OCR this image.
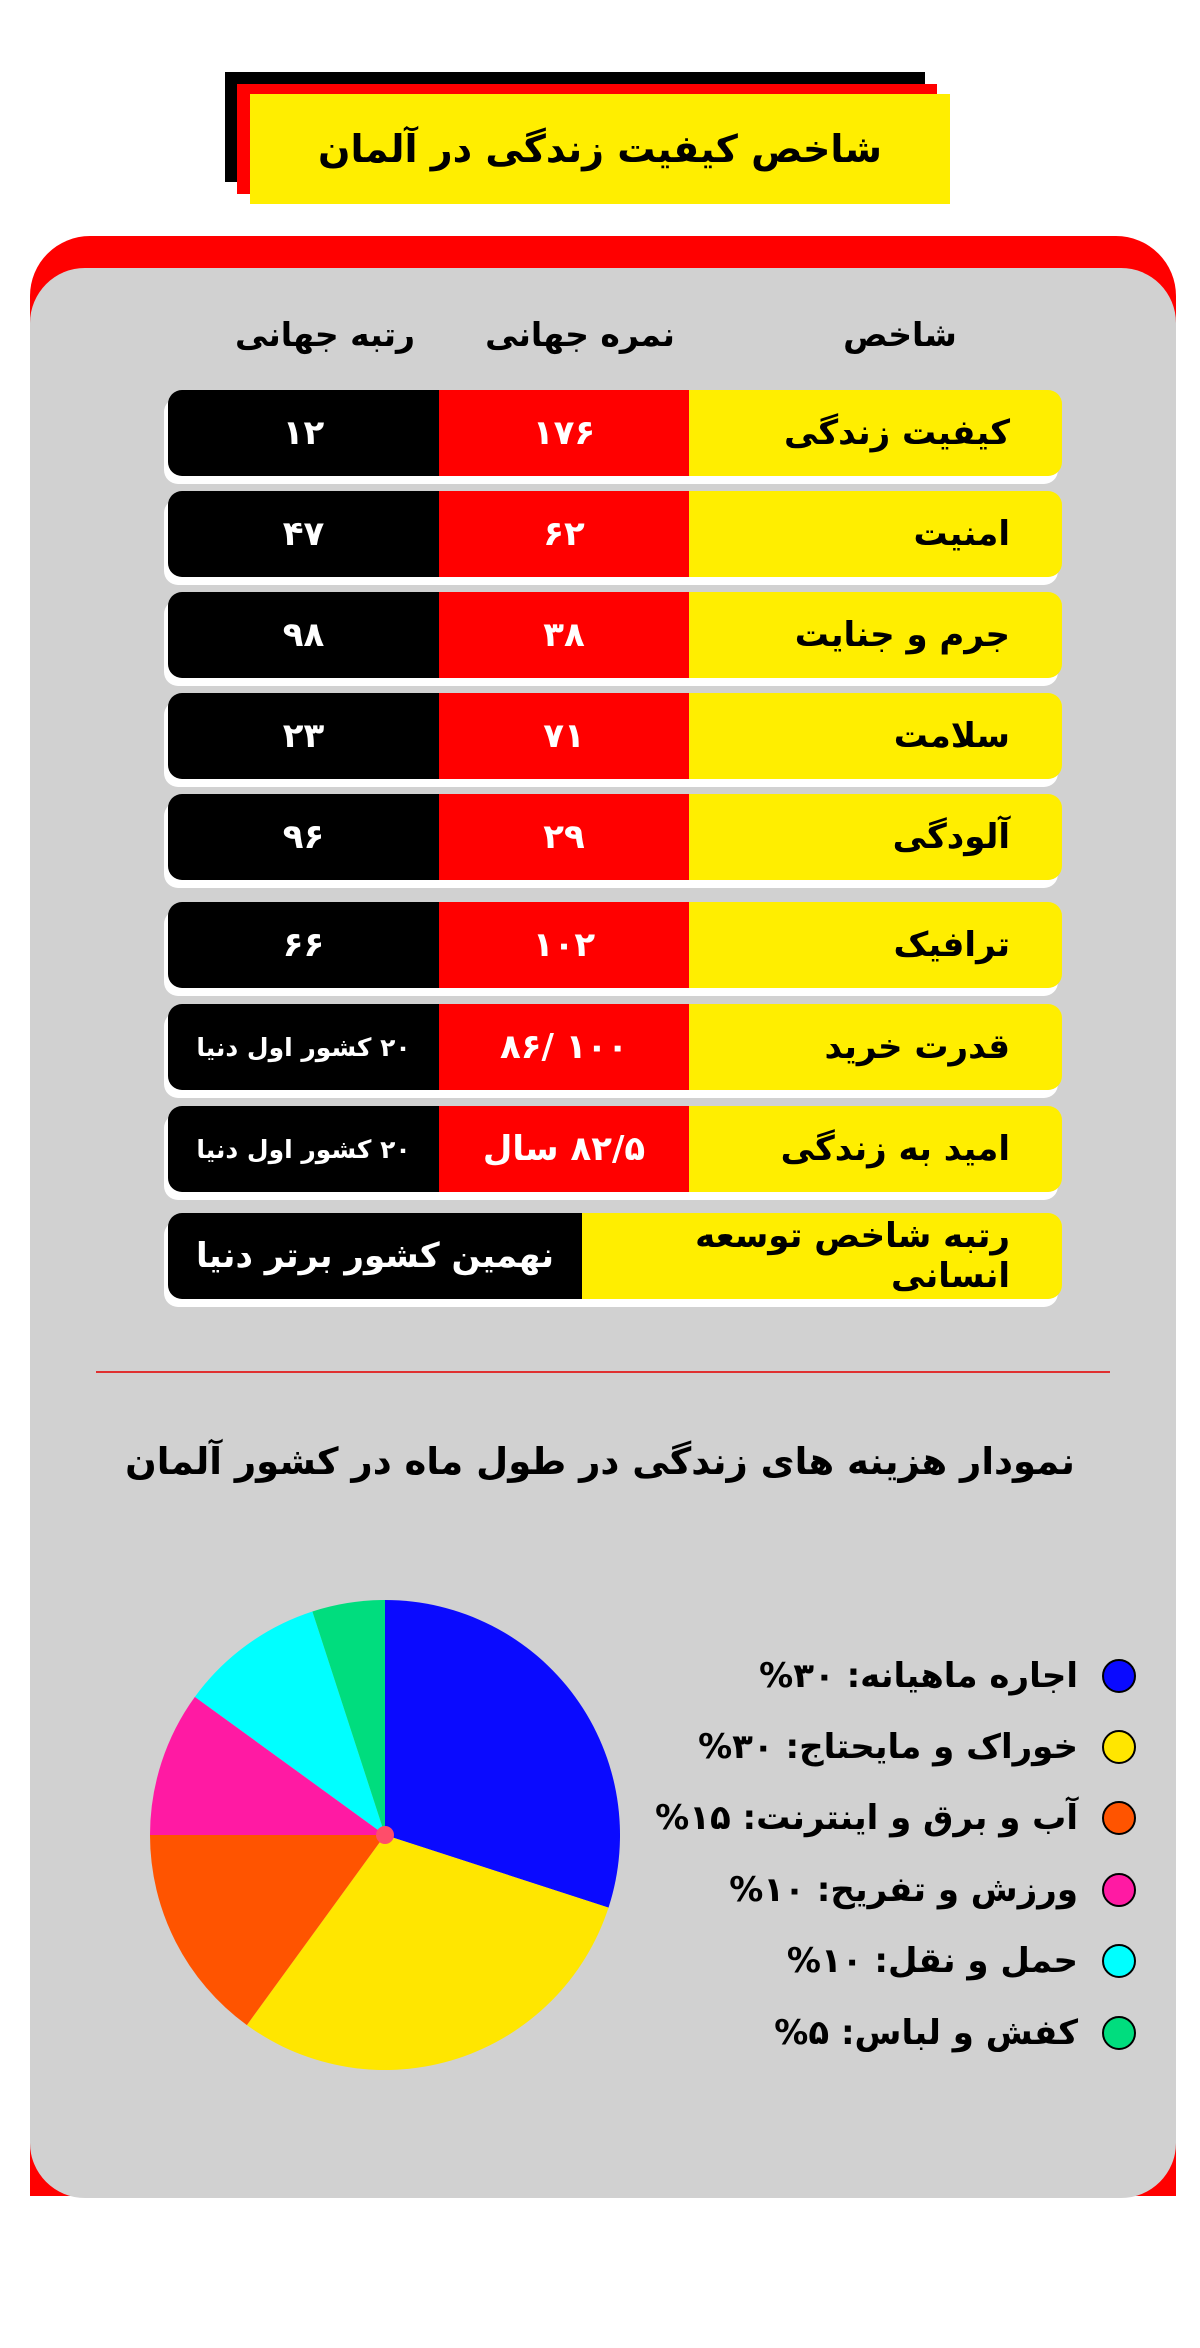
شاخص کیفیت زندگی در آلمان
شاخص
نمره جهانی
رتبه جهانی
کیفیت زندگی
۱۷۶
۱۲
امنیت
۶۲
۴۷
جرم و جنایت
۳۸
۹۸
سلامت
۷۱
۲۳
آلودگی
۲۹
۹۶
ترافیک
۱۰۲
۶۶
قدرت خرید
۱۰۰ /۸۶
۲۰ کشور اول دنیا
امید به زندگی
۸۲/۵ سال
۲۰ کشور اول دنیا
رتبه شاخص توسعه انسانی
نهمین کشور برتر دنیا
نمودار هزینه های زندگی در طول ماه در کشور آلمان
اجاره ماهیانه: ۳۰%
خوراک و مایحتاج: ۳۰%
آب و برق و اینترنت: ۱۵%
ورزش و تفریح: ۱۰%
حمل و نقل: ۱۰%
کفش و لباس: ۵%
